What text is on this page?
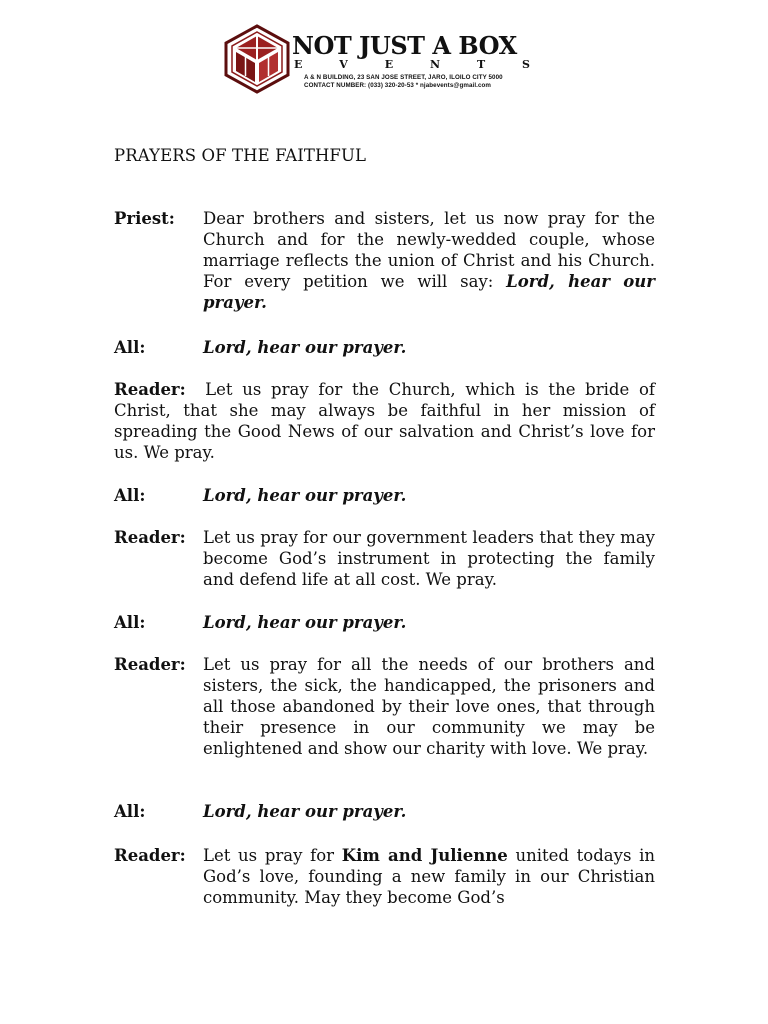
NOT JUST A BOX
E	V	E	N	T	S
A & N BUILDING, 23 SAN JOSE STREET, JARO, ILOILO CITY 5000
CONTACT NUMBER: (033) 320-20-53 * njabevents@gmail.com
PRAYERS OF THE FAITHFUL
Priest: Dear brothers and sisters, let us now pray for the Church and for the newly-wedded couple, whose marriage reflects the union of Christ and his Church. For every petition we will say: Lord, hear our prayer.
All:	Lord, hear our prayer.
Reader: Let us pray for the Church, which is the bride of Christ, that she may always be faithful in her mission of spreading the Good News of our salvation and Christ’s love for us. We pray.
All:	Lord, hear our prayer.
Reader: Let us pray for our government leaders that they may become God’s instrument in protecting the family and defend life at all cost. We pray.
All:	Lord, hear our prayer.
Reader: Let us pray for all the needs of our brothers and sisters, the sick, the handicapped, the prisoners and all those abandoned by their love ones, that through their presence in our community we may be enlightened and show our charity with love. We pray.
All:	Lord, hear our prayer.
Reader: Let us pray for Kim and Julienne united todays in God’s love, founding a new family in our Christian community. May they become God’s
